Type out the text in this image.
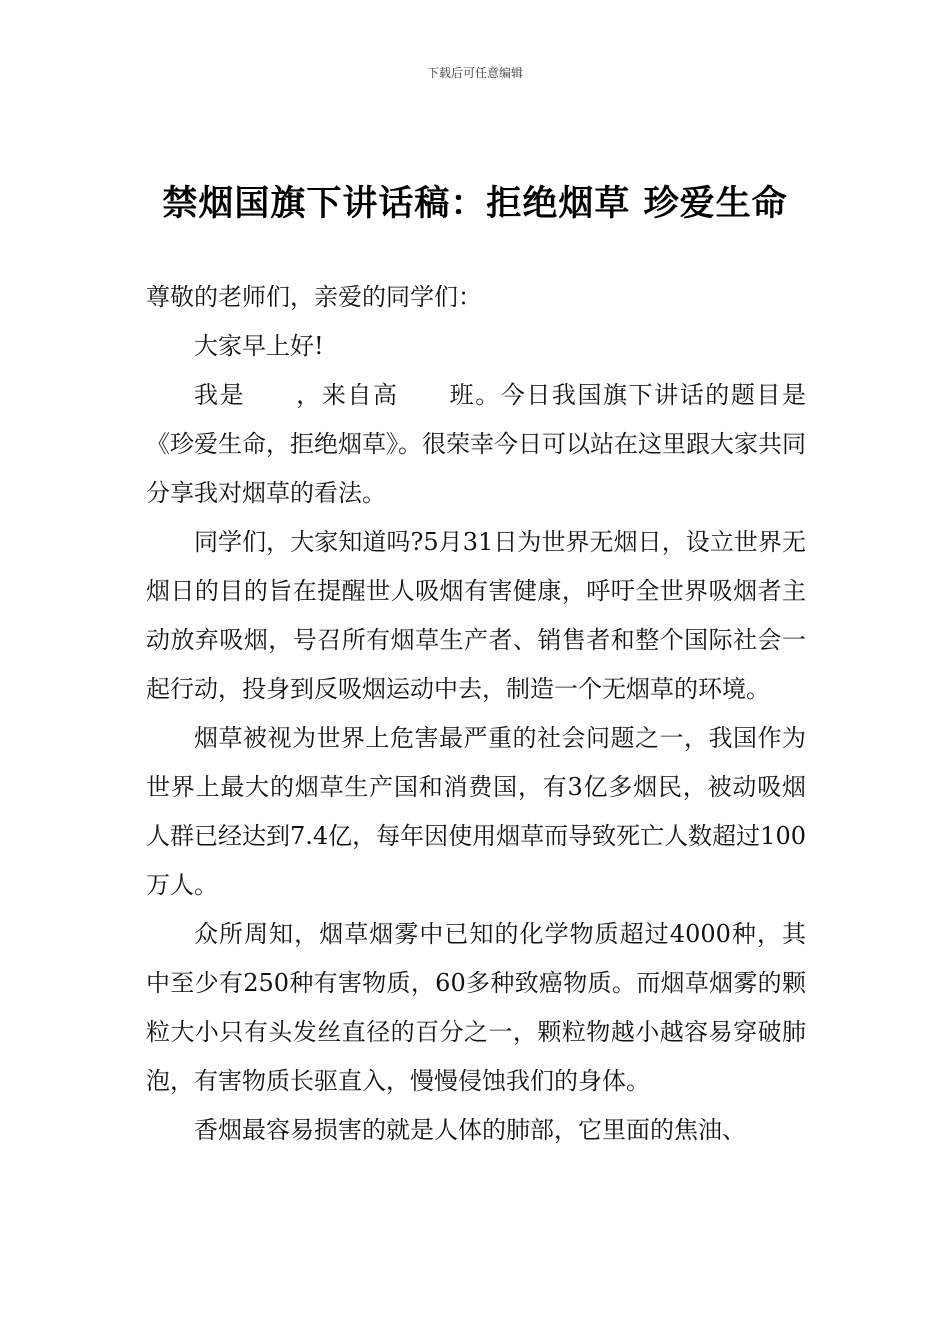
下载后可任意编辑
禁烟国旗下讲话稿：拒绝烟草 珍爱生命

尊敬的老师们，亲爱的同学们：

大家早上好!

我是　　，来自高　　班。今日我国旗下讲话的题目是《珍爱生命，拒绝烟草》。很荣幸今日可以站在这里跟大家共同分享我对烟草的看法。

同学们，大家知道吗?5月31日为世界无烟日，设立世界无烟日的目的旨在提醒世人吸烟有害健康，呼吁全世界吸烟者主动放弃吸烟，号召所有烟草生产者、销售者和整个国际社会一起行动，投身到反吸烟运动中去，制造一个无烟草的环境。

烟草被视为世界上危害最严重的社会问题之一，我国作为世界上最大的烟草生产国和消费国，有3亿多烟民，被动吸烟人群已经达到7.4亿，每年因使用烟草而导致死亡人数超过100万人。

众所周知，烟草烟雾中已知的化学物质超过4000种，其中至少有250种有害物质，60多种致癌物质。而烟草烟雾的颗粒大小只有头发丝直径的百分之一，颗粒物越小越容易穿破肺泡，有害物质长驱直入，慢慢侵蚀我们的身体。

香烟最容易损害的就是人体的肺部，它里面的焦油、
